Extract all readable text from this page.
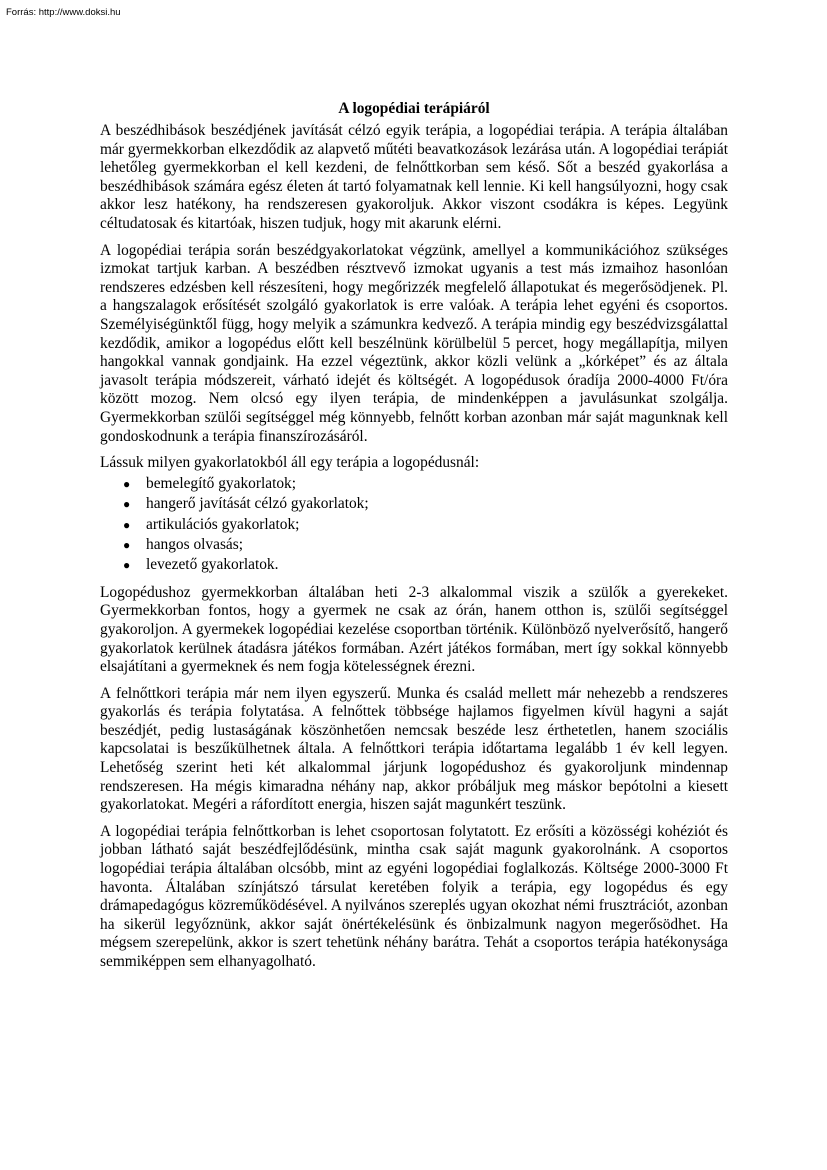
Forrás: http://www.doksi.hu
A logopédiai terápiáról

A beszédhibások beszédjének javítását célzó egyik terápia, a logopédiai terápia. A terápia általában már gyermekkorban elkezdődik az alapvető műtéti beavatkozások lezárása után. A logopédiai terápiát lehetőleg gyermekkorban el kell kezdeni, de felnőttkorban sem késő. Sőt a beszéd gyakorlása a beszédhibások számára egész életen át tartó folyamatnak kell lennie. Ki kell hangsúlyozni, hogy csak akkor lesz hatékony, ha rendszeresen gyakoroljuk. Akkor viszont csodákra is képes. Legyünk céltudatosak és kitartóak, hiszen tudjuk, hogy mit akarunk elérni.

A logopédiai terápia során beszédgyakorlatokat végzünk, amellyel a kommunikációhoz szükséges izmokat tartjuk karban. A beszédben résztvevő izmokat ugyanis a test más izmaihoz hasonlóan rendszeres edzésben kell részesíteni, hogy megőrizzék megfelelő állapotukat és megerősödjenek. Pl. a hangszalagok erősítését szolgáló gyakorlatok is erre valóak. A terápia lehet egyéni és csoportos. Személyiségünktől függ, hogy melyik a számunkra kedvező. A terápia mindig egy beszédvizsgálattal kezdődik, amikor a logopédus előtt kell beszélnünk körülbelül 5 percet, hogy megállapítja, milyen hangokkal vannak gondjaink. Ha ezzel végeztünk, akkor közli velünk a „kórképet” és az általa javasolt terápia módszereit, várható idejét és költségét. A logopédusok óradíja 2000-4000 Ft/óra között mozog. Nem olcsó egy ilyen terápia, de mindenképpen a javulásunkat szolgálja. Gyermekkorban szülői segítséggel még könnyebb, felnőtt korban azonban már saját magunknak kell gondoskodnunk a terápia finanszírozásáról.

Lássuk milyen gyakorlatokból áll egy terápia a logopédusnál:

● bemelegítő gyakorlatok;
● hangerő javítását célzó gyakorlatok;
● artikulációs gyakorlatok;
● hangos olvasás;
● levezető gyakorlatok.

Logopédushoz gyermekkorban általában heti 2-3 alkalommal viszik a szülők a gyerekeket. Gyermekkorban fontos, hogy a gyermek ne csak az órán, hanem otthon is, szülői segítséggel gyakoroljon. A gyermekek logopédiai kezelése csoportban történik. Különböző nyelverősítő, hangerő gyakorlatok kerülnek átadásra játékos formában. Azért játékos formában, mert így sokkal könnyebb elsajátítani a gyermeknek és nem fogja kötelességnek érezni.

A felnőttkori terápia már nem ilyen egyszerű. Munka és család mellett már nehezebb a rendszeres gyakorlás és terápia folytatása. A felnőttek többsége hajlamos figyelmen kívül hagyni a saját beszédjét, pedig lustaságának köszönhetően nemcsak beszéde lesz érthetetlen, hanem szociális kapcsolatai is beszűkülhetnek általa. A felnőttkori terápia időtartama legalább 1 év kell legyen. Lehetőség szerint heti két alkalommal járjunk logopédushoz és gyakoroljunk mindennap rendszeresen. Ha mégis kimaradna néhány nap, akkor próbáljuk meg máskor bepótolni a kiesett gyakorlatokat. Megéri a ráfordított energia, hiszen saját magunkért teszünk.

A logopédiai terápia felnőttkorban is lehet csoportosan folytatott. Ez erősíti a közösségi kohéziót és jobban látható saját beszédfejlődésünk, mintha csak saját magunk gyakorolnánk. A csoportos logopédiai terápia általában olcsóbb, mint az egyéni logopédiai foglalkozás. Költsége 2000-3000 Ft havonta. Általában színjátszó társulat keretében folyik a terápia, egy logopédus és egy drámapedagógus közreműködésével. A nyilvános szereplés ugyan okozhat némi frusztrációt, azonban ha sikerül legyőznünk, akkor saját önértékelésünk és önbizalmunk nagyon megerősödhet. Ha mégsem szerepelünk, akkor is szert tehetünk néhány barátra. Tehát a csoportos terápia hatékonysága semmiképpen sem elhanyagolható.
